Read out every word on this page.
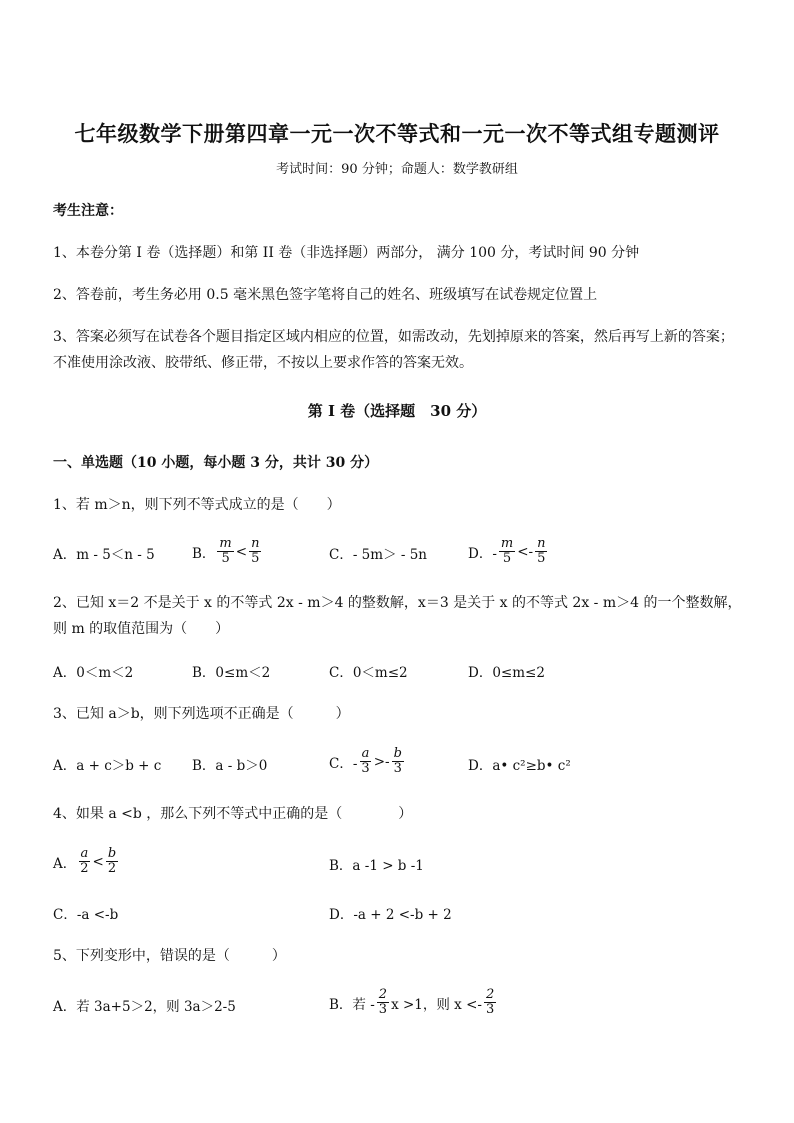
七年级数学下册第四章一元一次不等式和一元一次不等式组专题测评
考试时间：90 分钟；命题人：数学教研组
考生注意：
1、本卷分第 I 卷（选择题）和第 II 卷（非选择题）两部分， 满分 100 分，考试时间 90 分钟
2、答卷前，考生务必用 0.5 毫米黑色签字笔将自己的姓名、班级填写在试卷规定位置上
3、答案必须写在试卷各个题目指定区域内相应的位置，如需改动，先划掉原来的答案，然后再写上新的答案；不准使用涂改液、胶带纸、修正带，不按以上要求作答的答案无效。
第 I 卷（选择题　30 分）
一、单选题（10 小题，每小题 3 分，共计 30 分）
1、若 m＞n，则下列不等式成立的是（　　）
A．m - 5＜n - 5	B． $\frac{m}{5} < \frac{n}{5}$	C．- 5m＞ - 5n	D．- $\frac{m}{5} <- \frac{n}{5}$
2、已知 x＝2 不是关于 x 的不等式 2x - m＞4 的整数解，x＝3 是关于 x 的不等式 2x - m＞4 的一个整数解，则 m 的取值范围为（　　）
A．0＜m＜2	B．0≤m＜2	C．0＜m≤2	D．0≤m≤2
3、已知 a＞b，则下列选项不正确是（　　　）
A．a + c＞b + c B．a - b＞0	C．- $\frac{a}{3} >- \frac{b}{3}$	D．a• c²≥b• c²
4、如果 a <b ，那么下列不等式中正确的是（　　　　）
A． $\frac{a}{2} < \frac{b}{2}$	B．a -1 > b -1
C．-a <-b	D．-a + 2 <-b + 2
5、下列变形中，错误的是（　　　）
A．若 3a+5＞2，则 3a＞2-5	B．若 - $\frac{2}{3}$ x >1，则 $x <- \frac{2}{3}$
